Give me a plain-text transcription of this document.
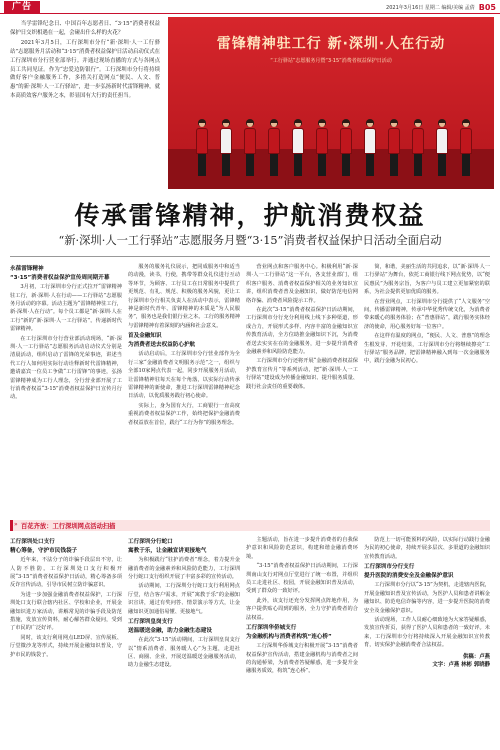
广告	2021年3月16日 星期二 编辑/美编 孟倩 B05

当学雷锋纪念日、中国百年志愿者日、“3·15”消费者权益保护日交织相遇在一起，会碰出什么样的火花？

2021年3月5日，工行深圳市分行“新·深圳·人一工行驿站”志愿服务月活动和“3·15”消费者权益保护日活动启动仪式在工行深圳市分行营业部举行。并通过现场直播的方式与各网点员工共同见证。作为“忠爱边防银行”。工行深圳市分行将持续做好客户金融服务工作，多措关打造网点“便民、人文、普惠”的新·深圳·人一工行驿站”，进一步弘扬新时代雷锋精神，就本高质效客户服务之本，彰显国有大行的责任担当。

雷锋精神驻工行 新·深圳·人在行动
“工行驿站”志愿服务月暨“3·15”消费者权益保护日活动
传承雷锋精神，护航消费权益
“新·深圳·人一工行驿站”志愿服务月暨“3·15”消费者权益保护日活动全面启动
永葆雷锋精神
“3·15”消费者权益保护宣传周同期开幕

3月初，工行深圳市分行正式拉开“雷锋精神驻工行，新·深圳·人在行动——工行驿站”志愿服务月活动的序幕。活动主题为“雷锋精神驻工行，新·深圳·人在行动”。每个员工都是“新·深圳·人在工行”新的“新·深圳·人一工行驿站”。传递新时代雷锋精神。

在工行深圳市分行营业部活动现场，“新·深圳·人一工行驿站”志愿服务活动启动仪式分别是清晨活动，组织启动了雷锋的光荣事迹，讲述当代工行人如何用实际行动诠释新时代雷锋精神，邀请嘉宾一位员工争做“工行雷锋”的事迹，弘扬雷锋精神成为工行人理念，分行营业部开展了工行消费者权益“3·15”消费者权益保护日宣传月行动。

服务的服务礼仪展示，把同成服务中和适当的动漫，读书，行使，携带等群众礼仪进行互动等环节，为顾客、工行员工在日常服务中提供了更规范、有礼、规范、积极的服务风貌，更让工行深圳市分行相关负责人在活动中表示，雷锋精神是新时代青年、雷锋精神的本质是“为人民服务”，服务也是我们银行业之本。工行的服务精神与雷锋精神有着深刻的内涵和社会意义。

首及金融知识
为消费者送去权益防心护航

活动启动后，工行深圳市分行营业部作为全行三家“金融消费者文明服务示范”之一，组织与全部10家网点代表一起，同步开展服务月活动，让雷锋精神驻每天在每个角落，以实际行动传承雷锋精神的新使命，推进工行深圳雷锋精神纪念日活动，以优质服务践行初心使命。

实际上，身为国有大行，工商银行一直高度重视消费者权益保护工作，始终把保护金融消费者权益放在首位，践行“工行为你”的服务理念。

营业网点和客户服务中心。积极利用“新·深圳·人一工行驿站”这一平台，各支营业部门，组织客户服务、消费者权益保护相关的业务知识宣讲，组织消费者普及金融知识，做好防范电信网络诈骗、消费者风险提示工作。

在此次“3·15”消费者权益保护日活动期间，工行深圳市分行充分利用线上线下多种渠道，形成合力，开展形式多样、内容丰富的金融知识宣传教育活动，全方位助推金融知识下沉，为消费者送去实实在在的金融服务，进一步提升消费者金融素养和风险防范能力。

工行深圳市分行还将开展“金融消费者权益保护教育宣传月”等系列活动，把“新·深圳·人一工行驿站”建设成为传播金融知识、提升服务质量、践行社会责任的重要载体。

简，和谐，美丽生活的共同追求，以“新·深圳·人一工行驿站”为舞台，依托工商银行线下网点优势，以“便民惠民”为服务宗旨，为客户与员工建立更加紧密的联系，为社会提供更加优质的服务。

在营业网点，工行深圳市分行提供了“人文服务”空间，传播雷锋精神，传承中华优秀传统文化，为消费者带来暖心的服务体验；在“普惠驿站”，践行服务实体经济的使命，用心服务好每一位客户。

在这样有温度的网点，“便民、人文、普惠”的理念生根发芽、开花结果，工行深圳市分行将继续擦亮“工行驿站”服务品牌，把雷锋精神融入到每一次金融服务中，践行金融为民初心。

» 百花齐放：工行深圳网点活动扫描
工行深圳处口支行
精心筹备，守护市民钱袋子

近年来，不法分子的诈骗手段层出不穷，让人防不胜防。工行深圳处口支行积极开展“3·15”消费者权益保护日活动，精心筹备多项反诈宣传活动，引导市民树立防诈骗意识。

为进一步加强金融消费者权益保护，工行深圳处口支行联合辖内社区、学校和企业，开展金融知识进万家活动，讲解常见的诈骗手段及防范措施，发放宣传资料，耐心解答群众疑问，受到了市民的广泛好评。

同时，该支行利用网点LED屏、宣传展板、厅堂微沙龙等形式，持续开展金融知识普及，守护市民的钱袋子。

工行深圳分行蛇口
寓教于乐，让金融宣讲更接地气

为积极践行“驻护消费者”理念，着力提升金融消费者的金融素养和风险防范能力，工行深圳分行蛇口支行组织开展了丰富多彩的宣传活动。

活动期间，工行深圳分行蛇口支行利用网点厅堂，结合客户需求，开展“寓教于乐”的金融知识宣讲，通过有奖问答、情景演示等方式，让金融知识更加通俗易懂、更接地气。

工行深圳皇岗支行
送温暖送金融，助力金融生态建设

在此次“3·15”活动期间，工行深圳皇岗支行以“情系消费者、服务暖人心”为主题，走进社区、商圈、企业，开展送温暖送金融服务活动，助力金融生态建设。

主题活动，旨在进一步提升消费者的自我保护意识和风险防范意识，构建和谐金融消费环境。

“3·15”消费者权益保护日活动期间，工行深圳南山支行对网点厅堂进行了统一布置，并组织员工走进社区、校园，开展金融知识普及活动，受到了群众的一致好评。

此外，该支行还充分发挥网点阵地作用，为客户提供贴心周到的服务，全力守护消费者的合法权益。

工行深圳华侨城支行
为金融机构与消费者构筑“连心桥”

工行深圳华侨城支行积极开展“3·15”消费者权益保护宣传活动，搭建金融机构与消费者之间的沟通桥梁，为消费者答疑解惑，进一步提升金融服务质效，构筑“连心桥”。

防范上一切可能预料的风险，以实际行动践行金融为民的初心使命，持续开展多层次、多渠道的金融知识宣传教育活动。

工行深圳市分行支行
提升医院的消费安全及金融保护意识

工行深圳市分行以“3·15”为契机，走进辖内医院，开展金融知识普及宣传活动，为医护人员和患者讲解金融知识、防范电信诈骗等内容，进一步提升医院的消费安全及金融保护意识。

活动现场，工作人员耐心细致地为大家答疑解惑，发放宣传折页，获得了医护人员和患者的一致好评。未来，工行深圳市分行将持续深入开展金融知识宣传教育，切实保护金融消费者合法权益。

供稿：卢燕
文字：卢燕 林彬 郭晓静
